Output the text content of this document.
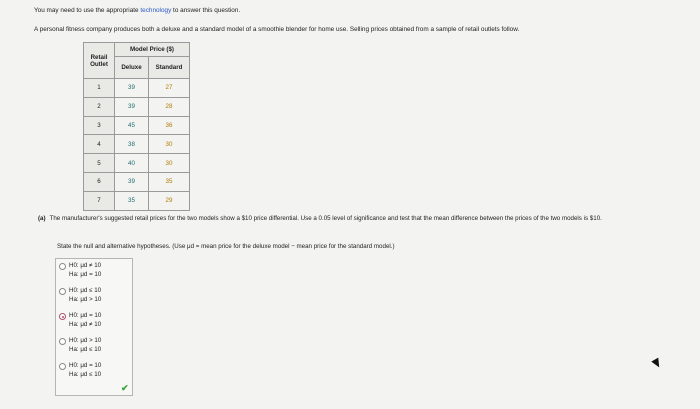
You may need to use the appropriate technology to answer this question.
A personal fitness company produces both a deluxe and a standard model of a smoothie blender for home use. Selling prices obtained from a sample of retail outlets follow.
Retail
Outlet	Model Price ($)	
	Deluxe	Standard
1	39	27
2	39	28
3	45	36
4	38	30
5	40	30
6	39	35
7	35	29
(a) The manufacturer's suggested retail prices for the two models show a $10 price differential. Use a 0.05 level of significance and test that the mean difference between the prices of the two models is $10.
State the null and alternative hypotheses. (Use μd = mean price for the deluxe model − mean price for the standard model.)
H0: μd ≠ 10
Ha: μd = 10
H0: μd ≤ 10
Ha: μd > 10
H0: μd = 10
Ha: μd ≠ 10
H0: μd > 10
Ha: μd ≤ 10
H0: μd = 10
Ha: μd ≤ 10
✔
